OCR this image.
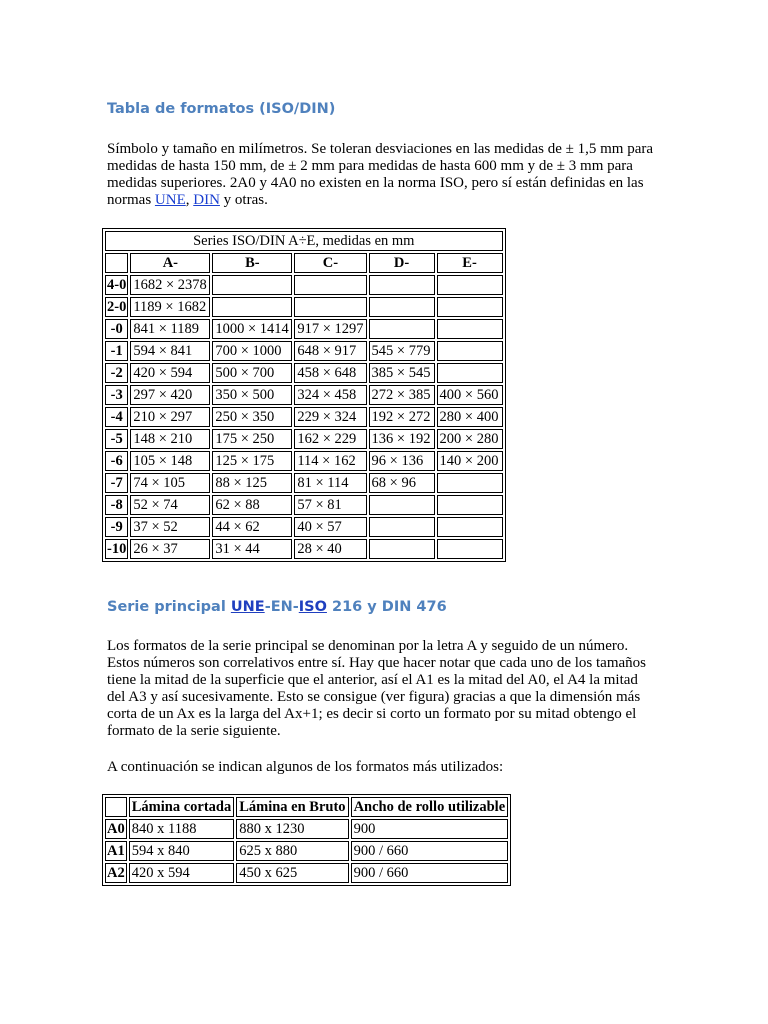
Tabla de formatos (ISO/DIN)

Símbolo y tamaño en milímetros. Se toleran desviaciones en las medidas de ± 1,5 mm para medidas de hasta 150 mm, de ± 2 mm para medidas de hasta 600 mm y de ± 3 mm para medidas superiores. 2A0 y 4A0 no existen en la norma ISO, pero sí están definidas en las normas UNE, DIN y otras.

Series ISO/DIN A÷E, medidas en mm					
	A-	B-	C-	D-	E-
4-0	1682 × 2378				
2-0	1189 × 1682				
-0	841 × 1189	1000 × 1414	917 × 1297		
-1	594 × 841	700 × 1000	648 × 917	545 × 779	
-2	420 × 594	500 × 700	458 × 648	385 × 545	
-3	297 × 420	350 × 500	324 × 458	272 × 385	400 × 560
-4	210 × 297	250 × 350	229 × 324	192 × 272	280 × 400
-5	148 × 210	175 × 250	162 × 229	136 × 192	200 × 280
-6	105 × 148	125 × 175	114 × 162	96 × 136	140 × 200
-7	74 × 105	88 × 125	81 × 114	68 × 96	
-8	52 × 74	62 × 88	57 × 81		
-9	37 × 52	44 × 62	40 × 57		
-10	26 × 37	31 × 44	28 × 40		
Serie principal UNE-EN-ISO 216 y DIN 476

Los formatos de la serie principal se denominan por la letra A y seguido de un número. Estos números son correlativos entre sí. Hay que hacer notar que cada uno de los tamaños tiene la mitad de la superficie que el anterior, así el A1 es la mitad del A0, el A4 la mitad del A3 y así sucesivamente. Esto se consigue (ver figura) gracias a que la dimensión más corta de un Ax es la larga del Ax+1; es decir si corto un formato por su mitad obtengo el formato de la serie siguiente.

A continuación se indican algunos de los formatos más utilizados:

	Lámina cortada	Lámina en Bruto	Ancho de rollo utilizable
A0	840 x 1188	880 x 1230	900
A1	594 x 840	625 x 880	900 / 660
A2	420 x 594	450 x 625	900 / 660
